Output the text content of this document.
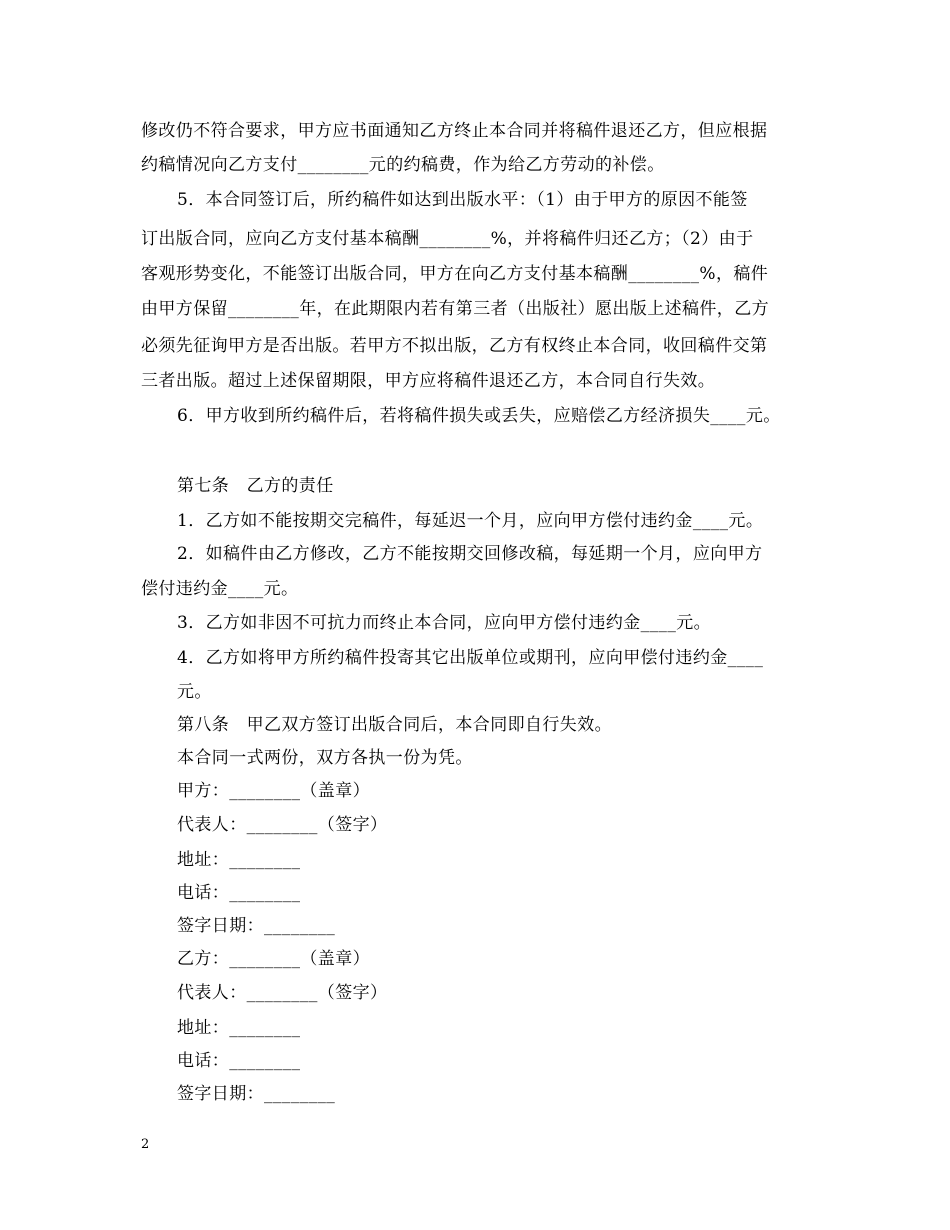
修改仍不符合要求，甲方应书面通知乙方终止本合同并将稿件退还乙方，但应根据
约稿情况向乙方支付________元的约稿费，作为给乙方劳动的补偿。
5．本合同签订后，所约稿件如达到出版水平：（1）由于甲方的原因不能签
订出版合同，应向乙方支付基本稿酬________%，并将稿件归还乙方；（2）由于
客观形势变化，不能签订出版合同，甲方在向乙方支付基本稿酬________%，稿件
由甲方保留________年，在此期限内若有第三者（出版社）愿出版上述稿件，乙方
必须先征询甲方是否出版。若甲方不拟出版，乙方有权终止本合同，收回稿件交第
三者出版。超过上述保留期限，甲方应将稿件退还乙方，本合同自行失效。
6．甲方收到所约稿件后，若将稿件损失或丢失，应赔偿乙方经济损失____元。
第七条　乙方的责任
1．乙方如不能按期交完稿件，每延迟一个月，应向甲方偿付违约金____元。
2．如稿件由乙方修改，乙方不能按期交回修改稿，每延期一个月，应向甲方
偿付违约金____元。
3．乙方如非因不可抗力而终止本合同，应向甲方偿付违约金____元。
4．乙方如将甲方所约稿件投寄其它出版单位或期刊，应向甲偿付违约金____
元。
第八条　甲乙双方签订出版合同后，本合同即自行失效。
本合同一式两份，双方各执一份为凭。
甲方：________（盖章）
代表人：________（签字）
地址：________
电话：________
签字日期：________
乙方：________（盖章）
代表人：________（签字）
地址：________
电话：________
签字日期：________
2
